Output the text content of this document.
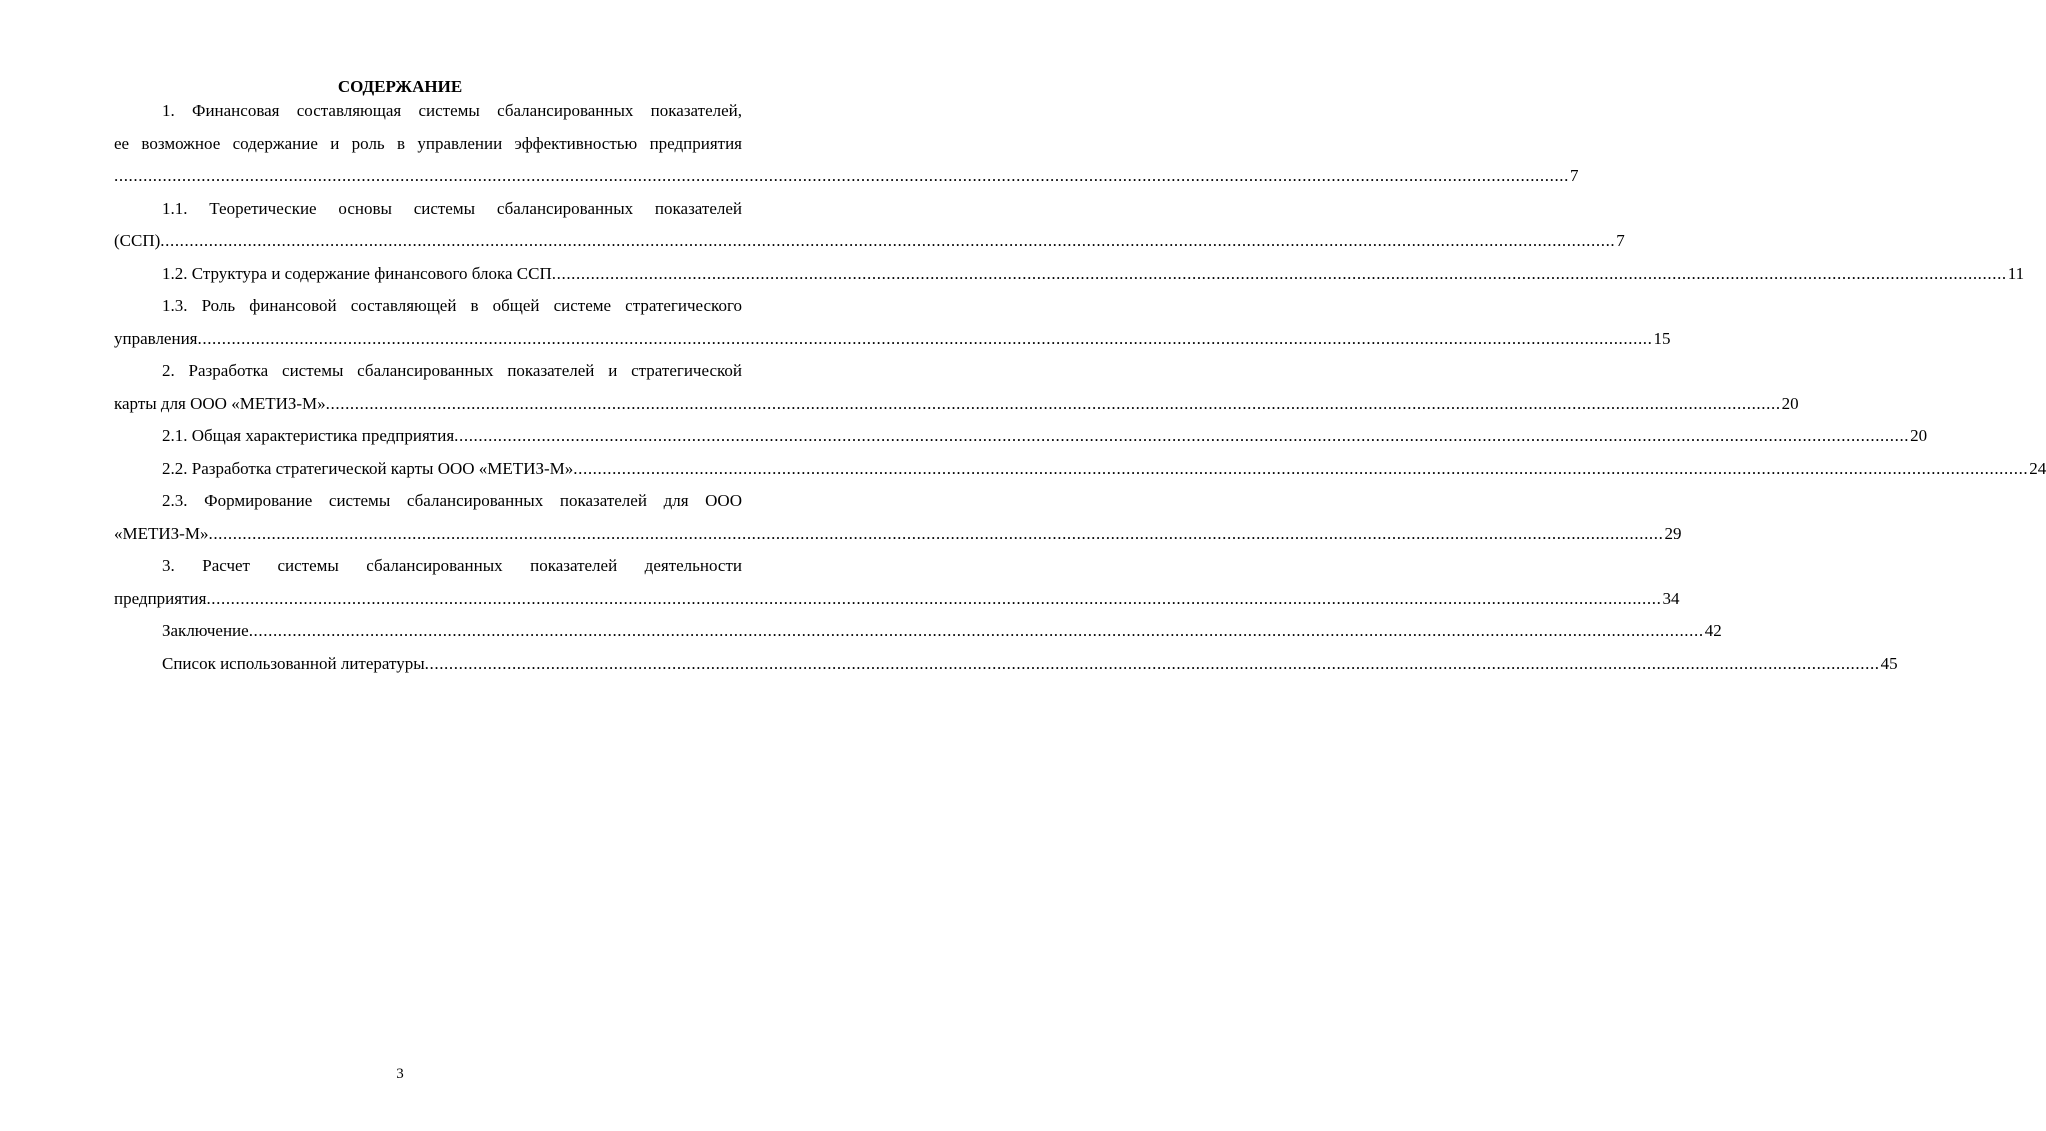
СОДЕРЖАНИЕ
1. Финансовая составляющая системы сбалансированных показателей,
ее возможное содержание и роль в управлении эффективностью предприятия
............................................................................................................................................................................................................................................................................................................ 7
1.1. Теоретические основы системы сбалансированных показателей
(ССП) ............................................................................................................................................................................................................................................................................................................ 7
1.2. Структура и содержание финансового блока ССП ............................................................................................................................................................................................................................................................................................................ 11
1.3. Роль финансовой составляющей в общей системе стратегического
управления ............................................................................................................................................................................................................................................................................................................ 15
2. Разработка системы сбалансированных показателей и стратегической
карты для ООО «МЕТИЗ-М» ............................................................................................................................................................................................................................................................................................................ 20
2.1. Общая характеристика предприятия ............................................................................................................................................................................................................................................................................................................ 20
2.2. Разработка стратегической карты ООО «МЕТИЗ-М» ............................................................................................................................................................................................................................................................................................................ 24
2.3. Формирование системы сбалансированных показателей для ООО
«МЕТИЗ-М» ............................................................................................................................................................................................................................................................................................................ 29
3. Расчет системы сбалансированных показателей деятельности
предприятия ............................................................................................................................................................................................................................................................................................................ 34
Заключение ............................................................................................................................................................................................................................................................................................................ 42
Список использованной литературы ............................................................................................................................................................................................................................................................................................................ 45
3
